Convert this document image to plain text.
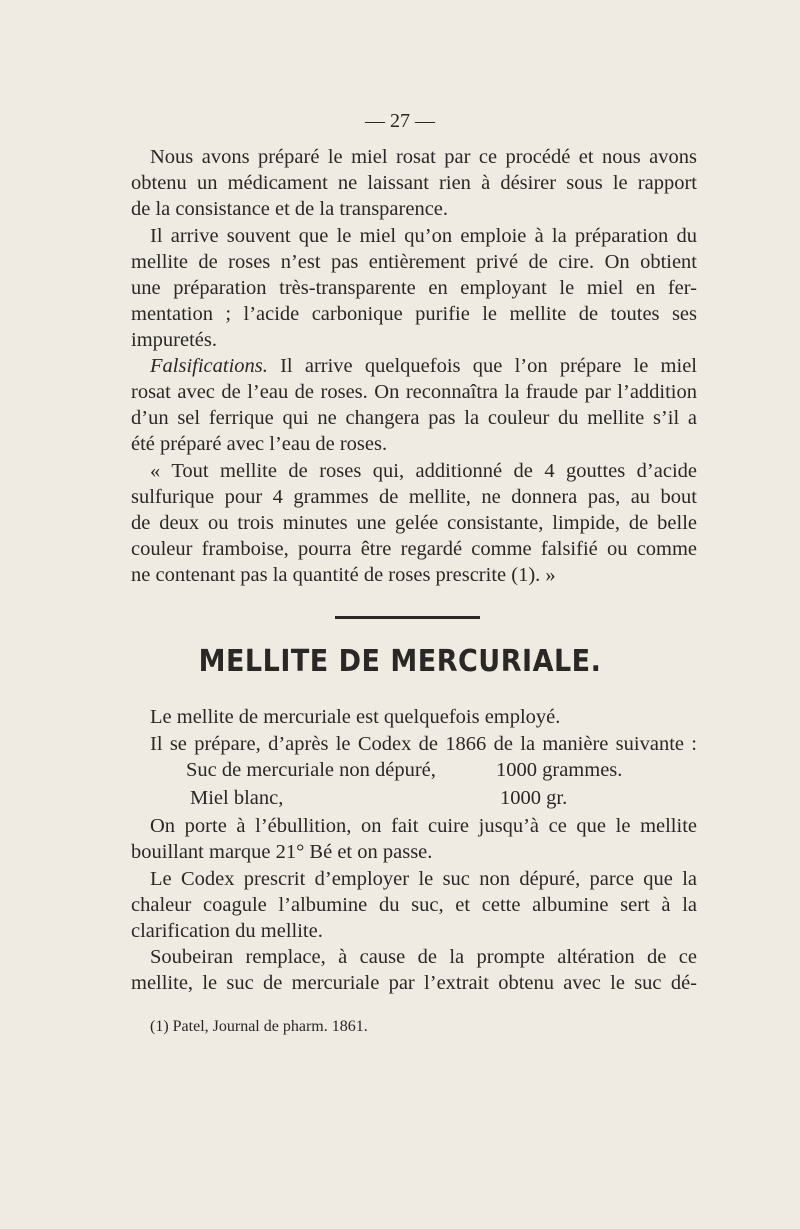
— 27 —
Nous avons préparé le miel rosat par ce procédé et nous avons
obtenu un médicament ne laissant rien à désirer sous le rapport
de la consistance et de la transparence.
Il arrive souvent que le miel qu’on emploie à la préparation du
mellite de roses n’est pas entièrement privé de cire. On obtient
une préparation très-transparente en employant le miel en fer-
mentation ; l’acide carbonique purifie le mellite de toutes ses
impuretés.
Falsifications. Il arrive quelquefois que l’on prépare le miel
rosat avec de l’eau de roses. On reconnaîtra la fraude par l’addition
d’un sel ferrique qui ne changera pas la couleur du mellite s’il a
été préparé avec l’eau de roses.
« Tout mellite de roses qui, additionné de 4 gouttes d’acide
sulfurique pour 4 grammes de mellite, ne donnera pas, au bout
de deux ou trois minutes une gelée consistante, limpide, de belle
couleur framboise, pourra être regardé comme falsifié ou comme
ne contenant pas la quantité de roses prescrite (1). »
MELLITE DE MERCURIALE.
Le mellite de mercuriale est quelquefois employé.
Il se prépare, d’après le Codex de 1866 de la manière suivante :
Suc de mercuriale non dépuré,	1000 grammes.
Miel blanc,	1000 gr.
On porte à l’ébullition, on fait cuire jusqu’à ce que le mellite
bouillant marque 21° Bé et on passe.
Le Codex prescrit d’employer le suc non dépuré, parce que la
chaleur coagule l’albumine du suc, et cette albumine sert à la
clarification du mellite.
Soubeiran remplace, à cause de la prompte altération de ce
mellite, le suc de mercuriale par l’extrait obtenu avec le suc dé-
(1) Patel, Journal de pharm. 1861.
